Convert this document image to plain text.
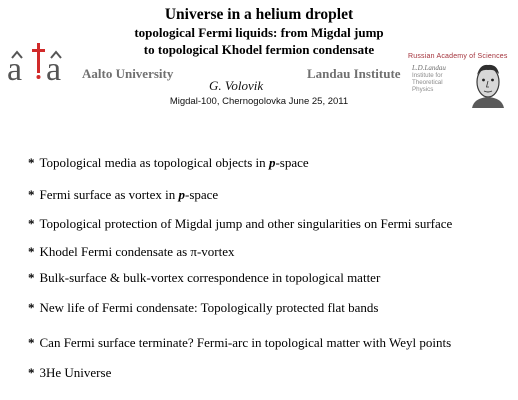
Universe in a helium droplet
topological Fermi liquids: from Migdal jump
to topological Khodel fermion condensate
a a Aalto University
G. Volovik
Landau Institute
Migdal-100, Chernogolovka June 25, 2011
Russian Academy of Sciences
L.D.Landau
Institute for
Theoretical
Physics
* Topological media as topological objects in p-space
* Fermi surface as vortex in p-space
* Topological protection of Migdal jump and other singularities on Fermi surface
* Khodel Fermi condensate as π-vortex
* Bulk-surface & bulk-vortex correspondence in topological matter
* New life of Fermi condensate: Topologically protected flat bands
* Can Fermi surface terminate? Fermi-arc in topological matter with Weyl points
* 3He Universe
